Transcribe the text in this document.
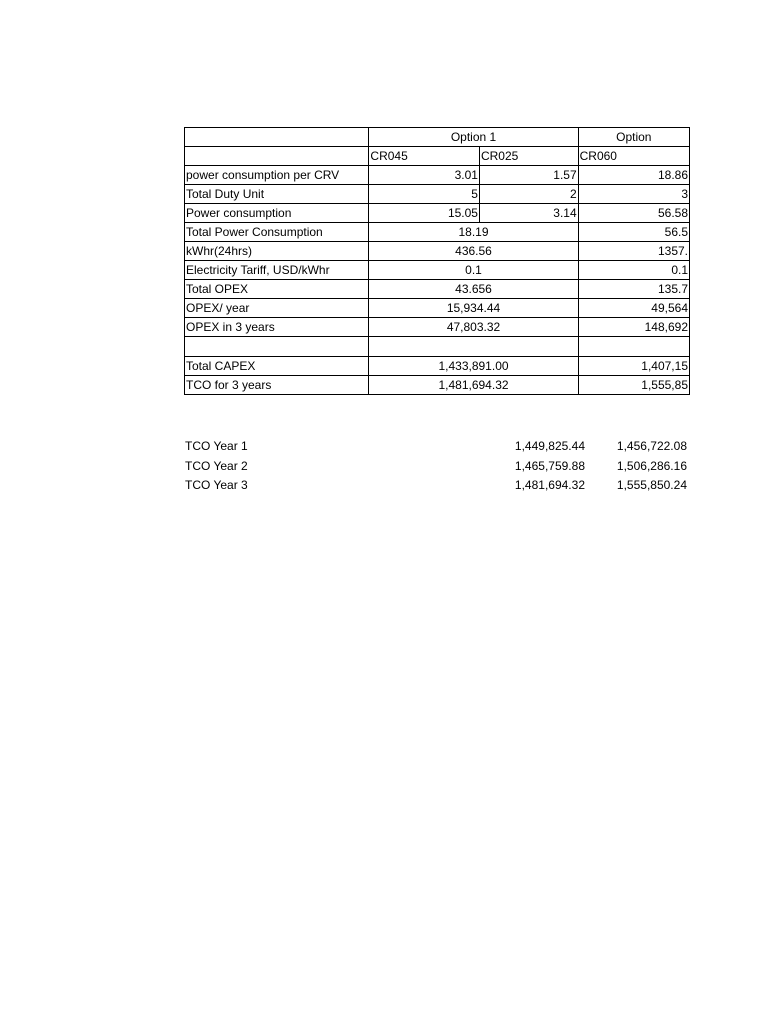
	Option 1		Option
	CR045	CR025	CR060
power consumption per CRV	3.01	1.57	18.86
Total Duty Unit	5	2	3
Power consumption	15.05	3.14	56.58
Total Power Consumption	18.19		56.5
kWhr(24hrs)	436.56		1357.
Electricity Tariff, USD/kWhr	0.1		0.1
Total OPEX	43.656		135.7
OPEX/ year	15,934.44		49,564
OPEX in 3 years	47,803.32		148,692

Total CAPEX	1,433,891.00		1,407,15
TCO for 3 years	1,481,694.32		1,555,85
TCO Year 1	1,449,825.44	1,456,722.08
TCO Year 2	1,465,759.88	1,506,286.16
TCO Year 3	1,481,694.32	1,555,850.24
